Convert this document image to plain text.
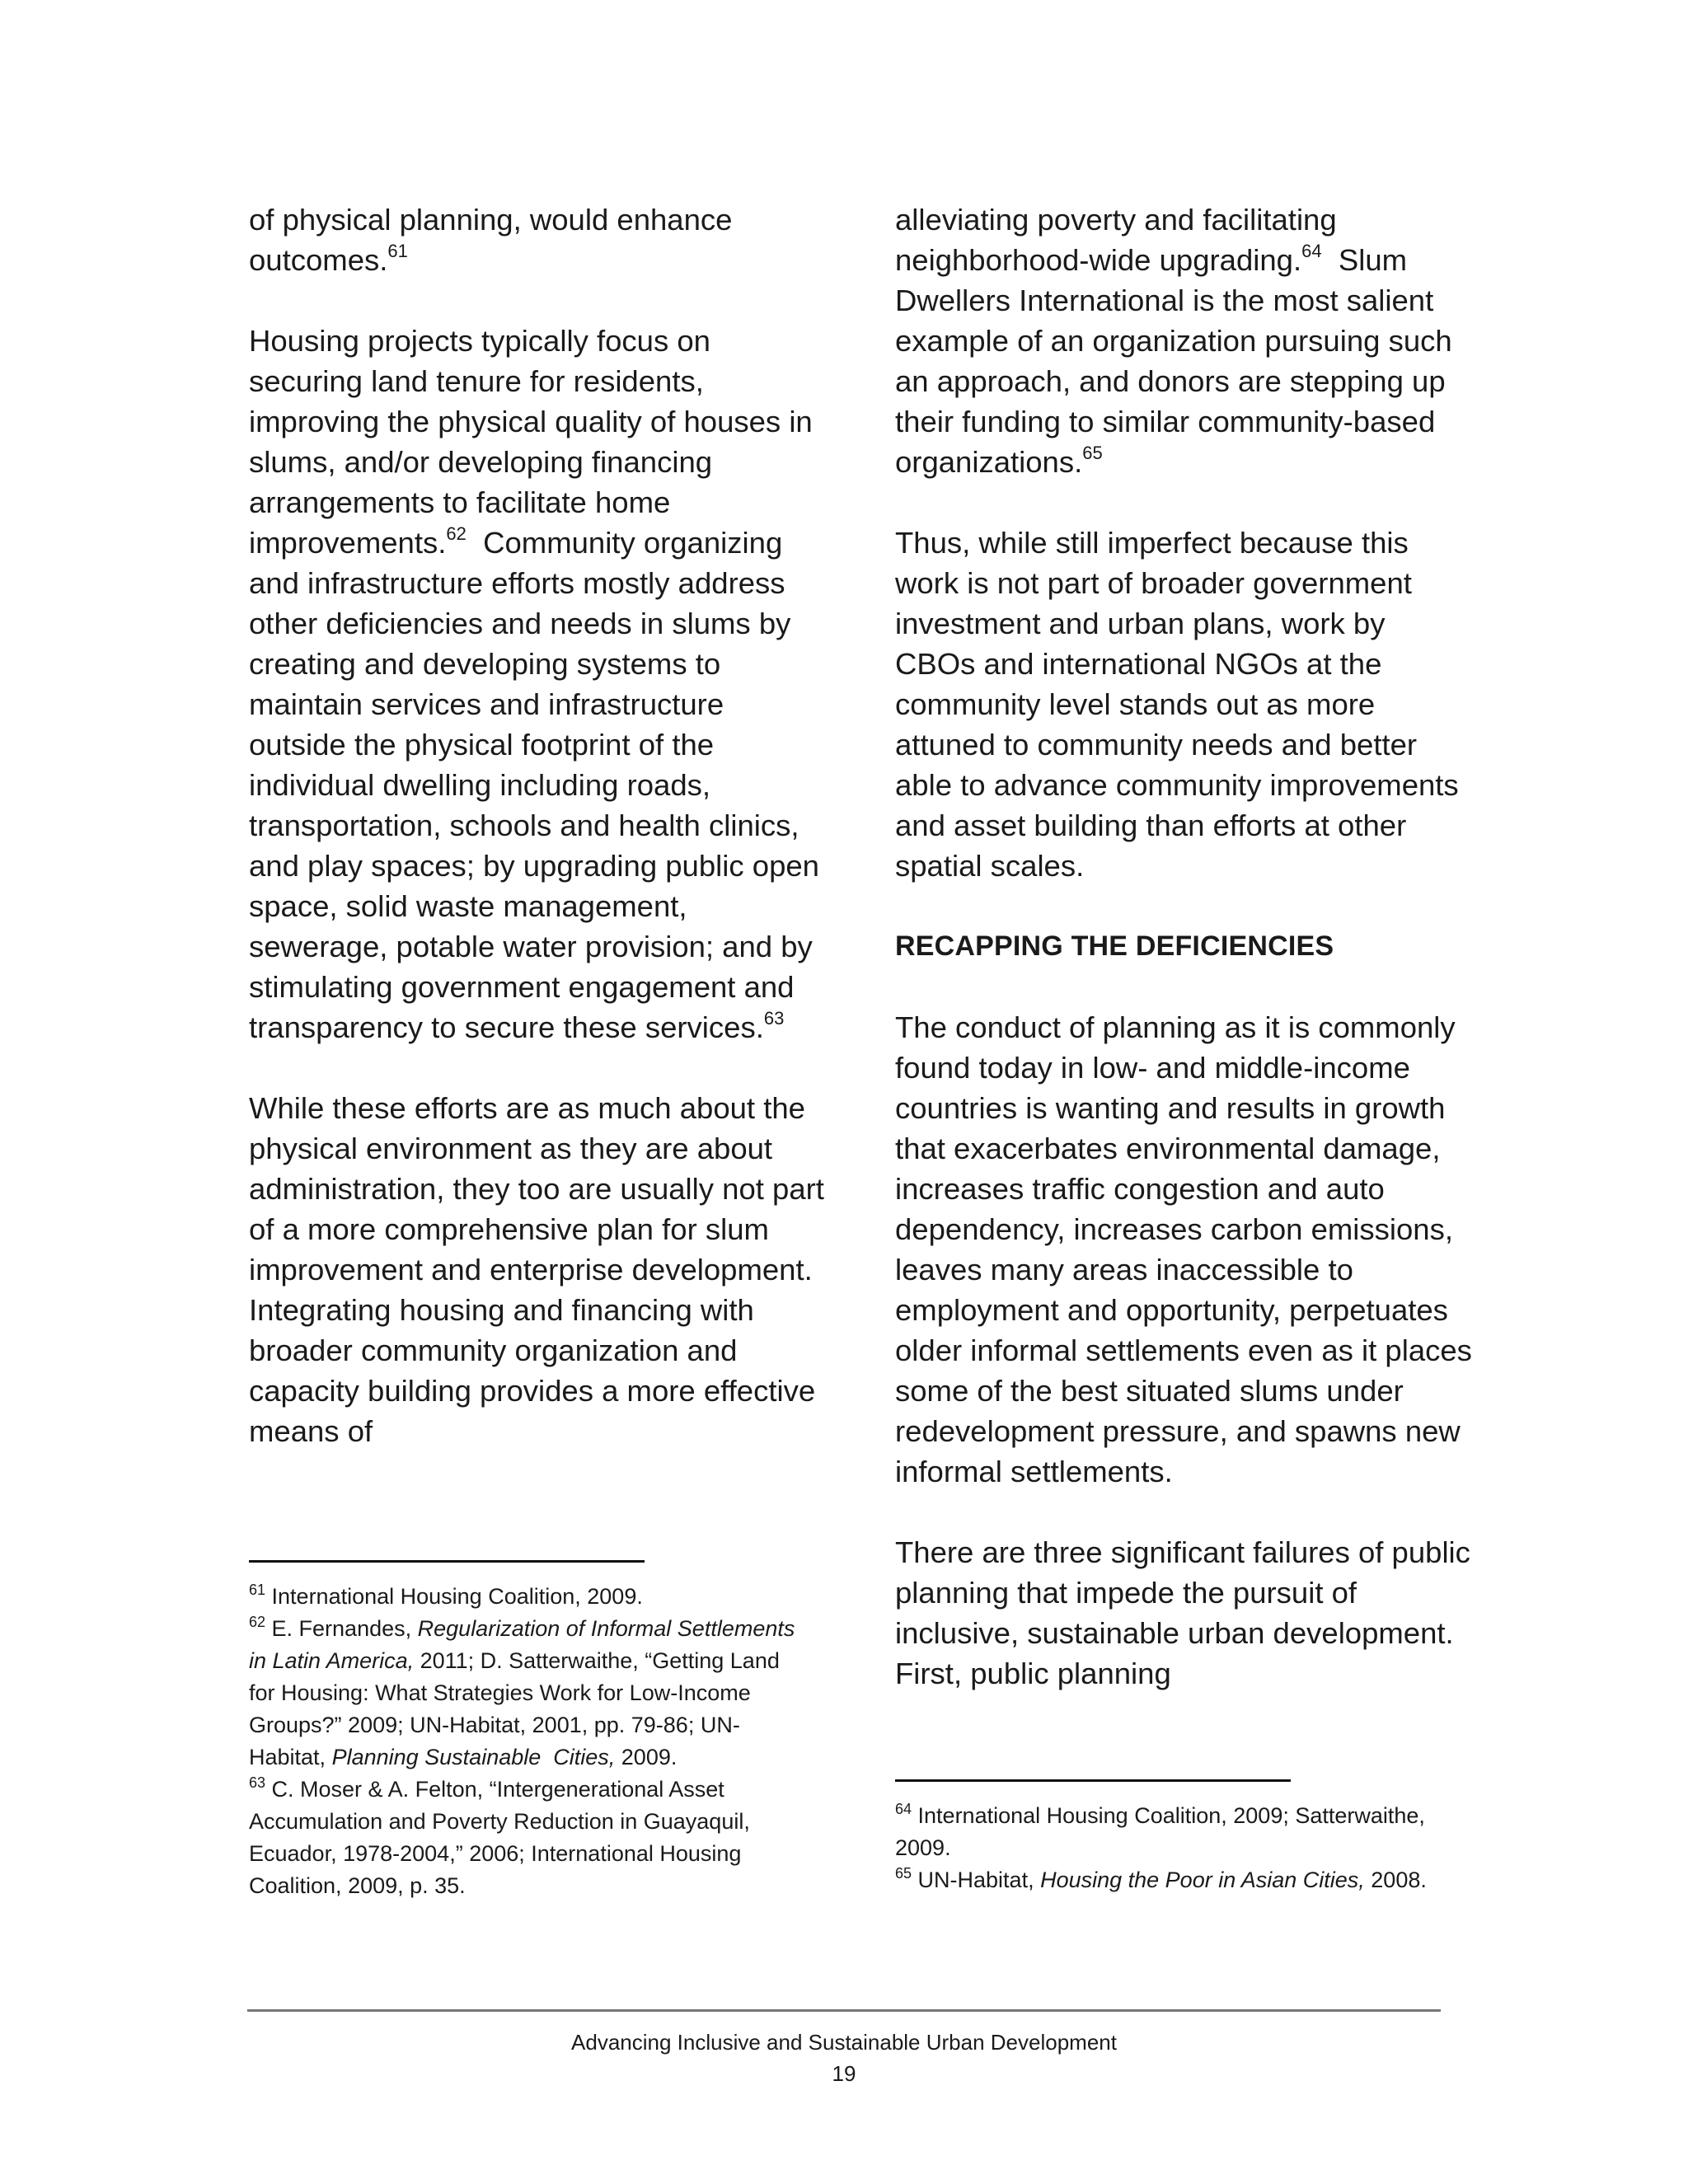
of physical planning, would enhance outcomes.$^{61}$

Housing projects typically focus on securing land tenure for residents, improving the physical quality of houses in slums, and/or developing financing arrangements to facilitate home improvements.$^{62}$  Community organizing and infrastructure efforts mostly address other deficiencies and needs in slums by creating and developing systems to maintain services and infrastructure outside the physical footprint of the individual dwelling including roads, transportation, schools and health clinics, and play spaces; by upgrading public open space, solid waste management, sewerage, potable water provision; and by stimulating government engagement and transparency to secure these services.$^{63}$

While these efforts are as much about the physical environment as they are about administration, they too are usually not part of a more comprehensive plan for slum improvement and enterprise development.  Integrating housing and financing with broader community organization and capacity building provides a more effective means of

$^{61}$ International Housing Coalition, 2009.

$^{62}$ E. Fernandes, Regularization of Informal Settlements in Latin America, 2011; D. Satterwaithe, “Getting Land for Housing: What Strategies Work for Low-Income Groups?” 2009; UN-Habitat, 2001, pp. 79-86; UN-Habitat, Planning Sustainable  Cities, 2009.

$^{63}$ C. Moser & A. Felton, “Intergenerational Asset Accumulation and Poverty Reduction in Guayaquil, Ecuador, 1978-2004,” 2006; International Housing Coalition, 2009, p. 35.

alleviating poverty and facilitating neighborhood-wide upgrading.$^{64}$  Slum Dwellers International is the most salient example of an organization pursuing such an approach, and donors are stepping up their funding to similar community-based organizations.$^{65}$

Thus, while still imperfect because this work is not part of broader government investment and urban plans, work by CBOs and international NGOs at the community level stands out as more attuned to community needs and better able to advance community improvements and asset building than efforts at other spatial scales.

RECAPPING THE DEFICIENCIES

The conduct of planning as it is commonly found today in low- and middle-income countries is wanting and results in growth that exacerbates environmental damage, increases traffic congestion and auto dependency, increases carbon emissions, leaves many areas inaccessible to employment and opportunity, perpetuates older informal settlements even as it places some of the best situated slums under redevelopment pressure, and spawns new informal settlements.

There are three significant failures of public planning that impede the pursuit of inclusive, sustainable urban development. First, public planning

$^{64}$ International Housing Coalition, 2009; Satterwaithe, 2009.

$^{65}$ UN-Habitat, Housing the Poor in Asian Cities, 2008.

Advancing Inclusive and Sustainable Urban Development
19
